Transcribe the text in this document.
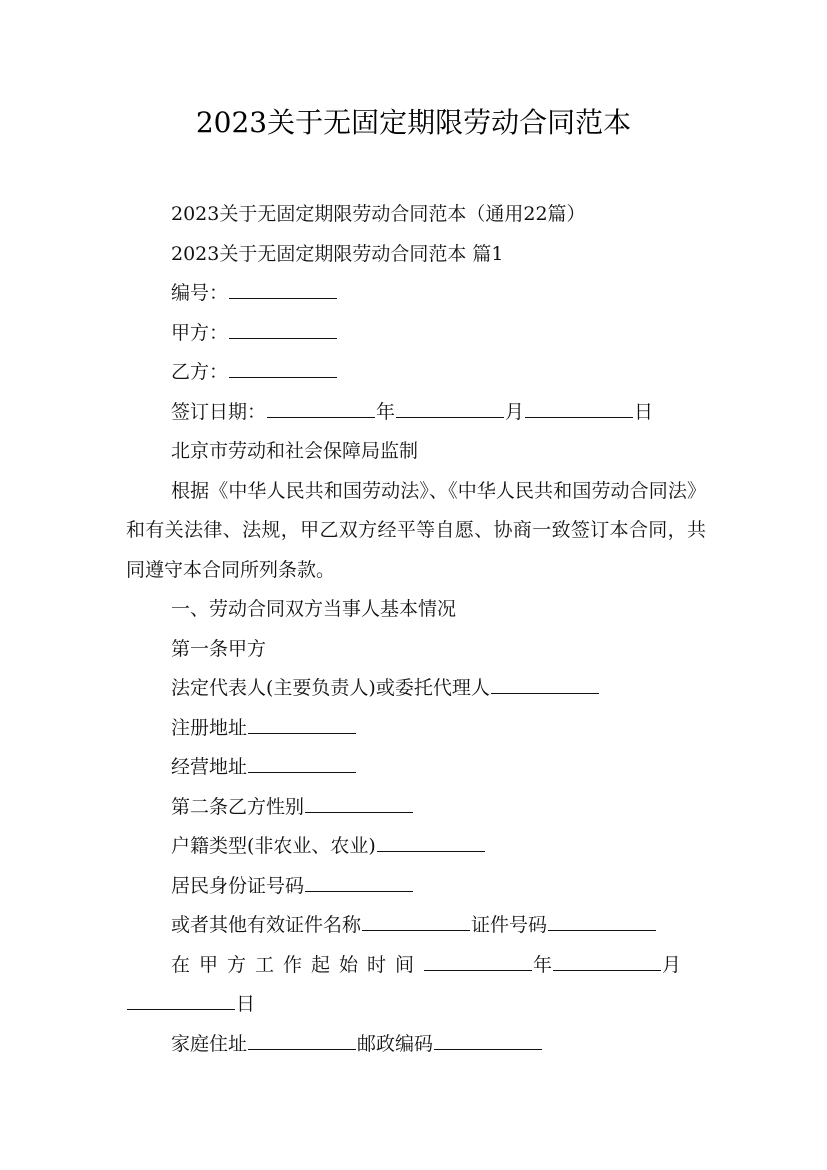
2023关于无固定期限劳动合同范本

2023关于无固定期限劳动合同范本（通用22篇）

2023关于无固定期限劳动合同范本 篇1

编号：

甲方：

乙方：

签订日期：	年	月	日

北京市劳动和社会保障局监制

根据《中华人民共和国劳动法》、《中华人民共和国劳动合同法》和有关法律、法规，甲乙双方经平等自愿、协商一致签订本合同，共同遵守本合同所列条款。

一、劳动合同双方当事人基本情况

第一条甲方

法定代表人(主要负责人)或委托代理人

注册地址

经营地址

第二条乙方性别

户籍类型(非农业、农业)

居民身份证号码

或者其他有效证件名称	证件号码

在甲方工作起始时间	年	月

日

家庭住址	邮政编码
